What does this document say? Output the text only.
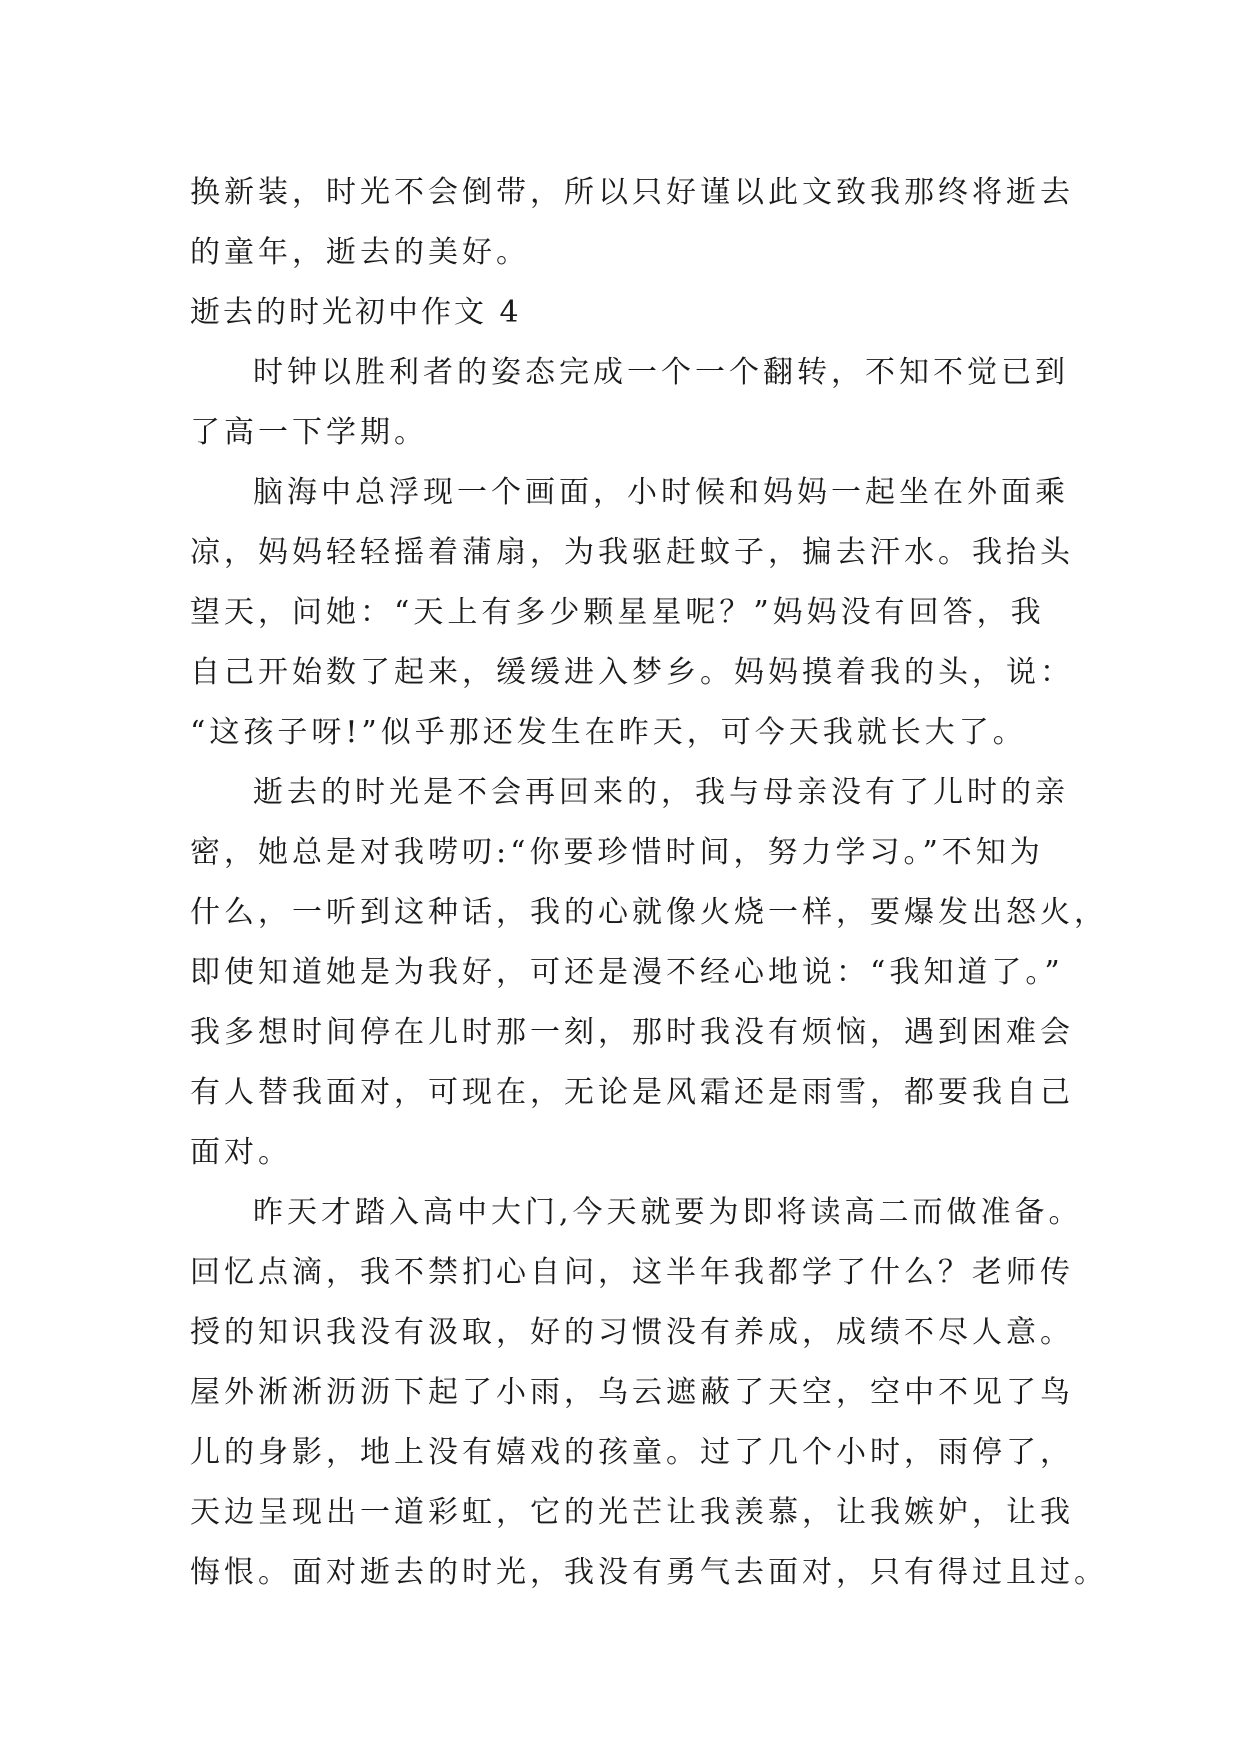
换新装，时光不会倒带，所以只好谨以此文致我那终将逝去
的童年，逝去的美好。
逝去的时光初中作文 4
时钟以胜利者的姿态完成一个一个翻转，不知不觉已到
了高一下学期。
脑海中总浮现一个画面，小时候和妈妈一起坐在外面乘
凉，妈妈轻轻摇着蒲扇，为我驱赶蚊子，揙去汗水。我抬头
望天，问她：“天上有多少颗星星呢？”妈妈没有回答，我
自己开始数了起来，缓缓进入梦乡。妈妈摸着我的头，说：
“这孩子呀!”似乎那还发生在昨天，可今天我就长大了。
逝去的时光是不会再回来的，我与母亲没有了儿时的亲
密，她总是对我唠叨:“你要珍惜时间，努力学习。”不知为
什么，一听到这种话，我的心就像火烧一样，要爆发出怒火，
即使知道她是为我好，可还是漫不经心地说：“我知道了。”
我多想时间停在儿时那一刻，那时我没有烦恼，遇到困难会
有人替我面对，可现在，无论是风霜还是雨雪，都要我自己
面对。
昨天才踏入高中大门,今天就要为即将读高二而做准备。
回忆点滴，我不禁扪心自问，这半年我都学了什么？老师传
授的知识我没有汲取，好的习惯没有养成，成绩不尽人意。
屋外淅淅沥沥下起了小雨，乌云遮蔽了天空，空中不见了鸟
儿的身影，地上没有嬉戏的孩童。过了几个小时，雨停了，
天边呈现出一道彩虹，它的光芒让我羡慕，让我嫉妒，让我
悔恨。面对逝去的时光，我没有勇气去面对，只有得过且过。
